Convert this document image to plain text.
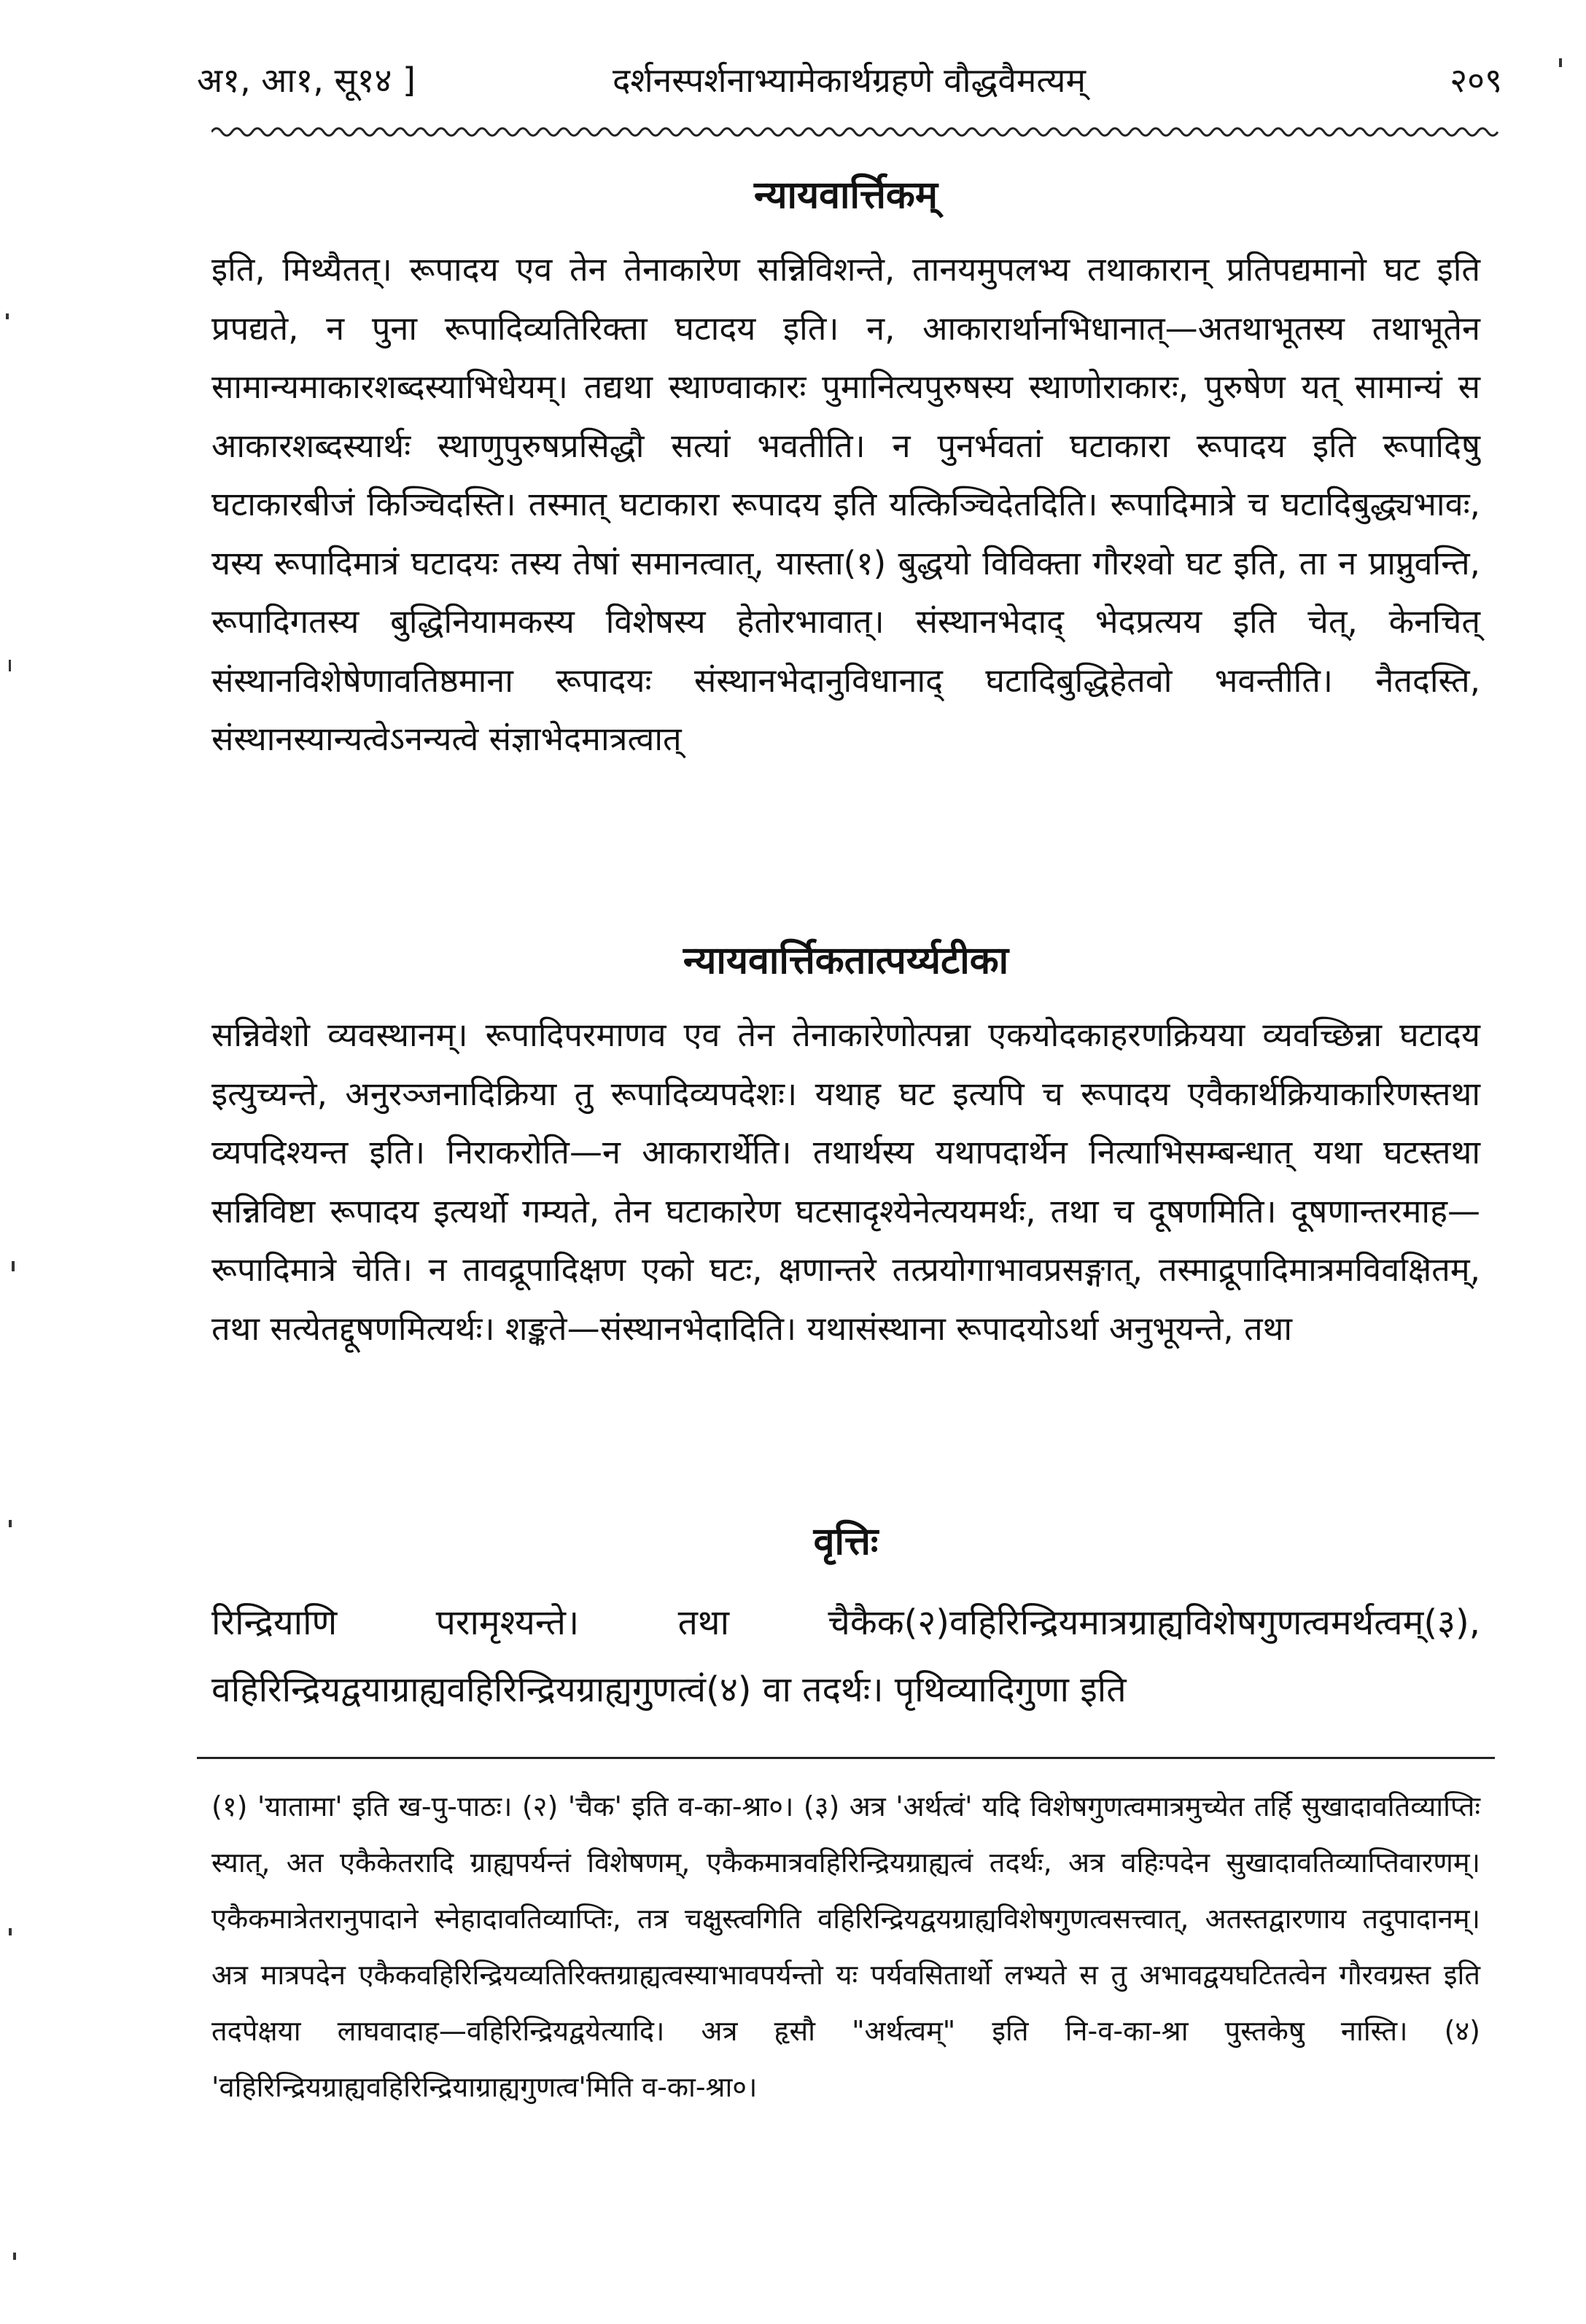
अ१, आ१, सू१४ ]	दर्शनस्पर्शनाभ्यामेकार्थग्रहणे वौद्धवैमत्यम्	२०९
न्यायवार्त्तिकम्
इति, मिथ्यैतत्। रूपादय एव तेन तेनाकारेण सन्निविशन्ते, तानयमुपलभ्य तथाकारान् प्रतिपद्यमानो घट इति प्रपद्यते, न पुना रूपादिव्यतिरिक्ता घटादय इति। न, आकारार्थानभिधानात्—अतथाभूतस्य तथाभूतेन सामान्यमाकारशब्दस्याभिधेयम्। तद्यथा स्थाण्वाकारः पुमानित्यपुरुषस्य स्थाणोराकारः, पुरुषेण यत् सामान्यं स आकारशब्दस्यार्थः स्थाणुपुरुषप्रसिद्धौ सत्यां भवतीति। न पुनर्भवतां घटाकारा रूपादय इति रूपादिषु घटाकारबीजं किञ्चिदस्ति। तस्मात् घटाकारा रूपादय इति यत्किञ्चिदेतदिति। रूपादिमात्रे च घटादिबुद्ध्यभावः, यस्य रूपादिमात्रं घटादयः तस्य तेषां समानत्वात्, यास्ता(१) बुद्धयो विविक्ता गौरश्वो घट इति, ता न प्राप्नुवन्ति, रूपादिगतस्य बुद्धिनियामकस्य विशेषस्य हेतोरभावात्। संस्थानभेदाद् भेदप्रत्यय इति चेत्, केनचित् संस्थानविशेषेणावतिष्ठमाना रूपादयः संस्थानभेदानुविधानाद् घटादिबुद्धिहेतवो भवन्तीति। नैतदस्ति, संस्थानस्यान्यत्वेऽनन्यत्वे संज्ञाभेदमात्रत्वात्
न्यायवार्त्तिकतात्पर्य्यटीका
सन्निवेशो व्यवस्थानम्। रूपादिपरमाणव एव तेन तेनाकारेणोत्पन्ना एकयोदकाहरणक्रियया व्यवच्छिन्ना घटादय इत्युच्यन्ते, अनुरञ्जनादिक्रिया तु रूपादिव्यपदेशः। यथाह घट इत्यपि च रूपादय एवैकार्थक्रियाकारिणस्तथा व्यपदिश्यन्त इति। निराकरोति—न आकारार्थेति। तथार्थस्य यथापदार्थेन नित्याभिसम्बन्धात् यथा घटस्तथा सन्निविष्टा रूपादय इत्यर्थो गम्यते, तेन घटाकारेण घटसादृश्येनेत्ययमर्थः, तथा च दूषणमिति। दूषणान्तरमाह—रूपादिमात्रे चेति। न तावद्रूपादिक्षण एको घटः, क्षणान्तरे तत्प्रयोगाभावप्रसङ्गात्, तस्माद्रूपादिमात्रमविवक्षितम्, तथा सत्येतद्दूषणमित्यर्थः। शङ्कते—संस्थानभेदादिति। यथासंस्थाना रूपादयोऽर्था अनुभूयन्ते, तथा
वृत्तिः
रिन्द्रियाणि परामृश्यन्ते। तथा चैकैक(२)वहिरिन्द्रियमात्रग्राह्यविशेषगुणत्वमर्थत्वम्(३), वहिरिन्द्रियद्वयाग्राह्यवहिरिन्द्रियग्राह्यगुणत्वं(४) वा तदर्थः। पृथिव्यादिगुणा इति
(१) 'यातामा' इति ख-पु-पाठः। (२) 'चैक' इति व-का-श्रा०। (३) अत्र 'अर्थत्वं' यदि विशेषगुणत्वमात्रमुच्येत तर्हि सुखादावतिव्याप्तिः स्यात्, अत एकैकेतरादि ग्राह्यपर्यन्तं विशेषणम्, एकैकमात्रवहिरिन्द्रियग्राह्यत्वं तदर्थः, अत्र वहिःपदेन सुखादावतिव्याप्तिवारणम्। एकैकमात्रेतरानुपादाने स्नेहादावतिव्याप्तिः, तत्र चक्षुस्त्वगिति वहिरिन्द्रियद्वयग्राह्यविशेषगुणत्वसत्त्वात्, अतस्तद्वारणाय तदुपादानम्। अत्र मात्रपदेन एकैकवहिरिन्द्रियव्यतिरिक्तग्राह्यत्वस्याभावपर्यन्तो यः पर्यवसितार्थो लभ्यते स तु अभावद्वयघटितत्वेन गौरवग्रस्त इति तदपेक्षया लाघवादाह—वहिरिन्द्रियद्वयेत्यादि। अत्र हृसौ "अर्थत्वम्" इति नि-व-का-श्रा पुस्तकेषु नास्ति। (४) 'वहिरिन्द्रियग्राह्यवहिरिन्द्रियाग्राह्यगुणत्व'मिति व-का-श्रा०।
